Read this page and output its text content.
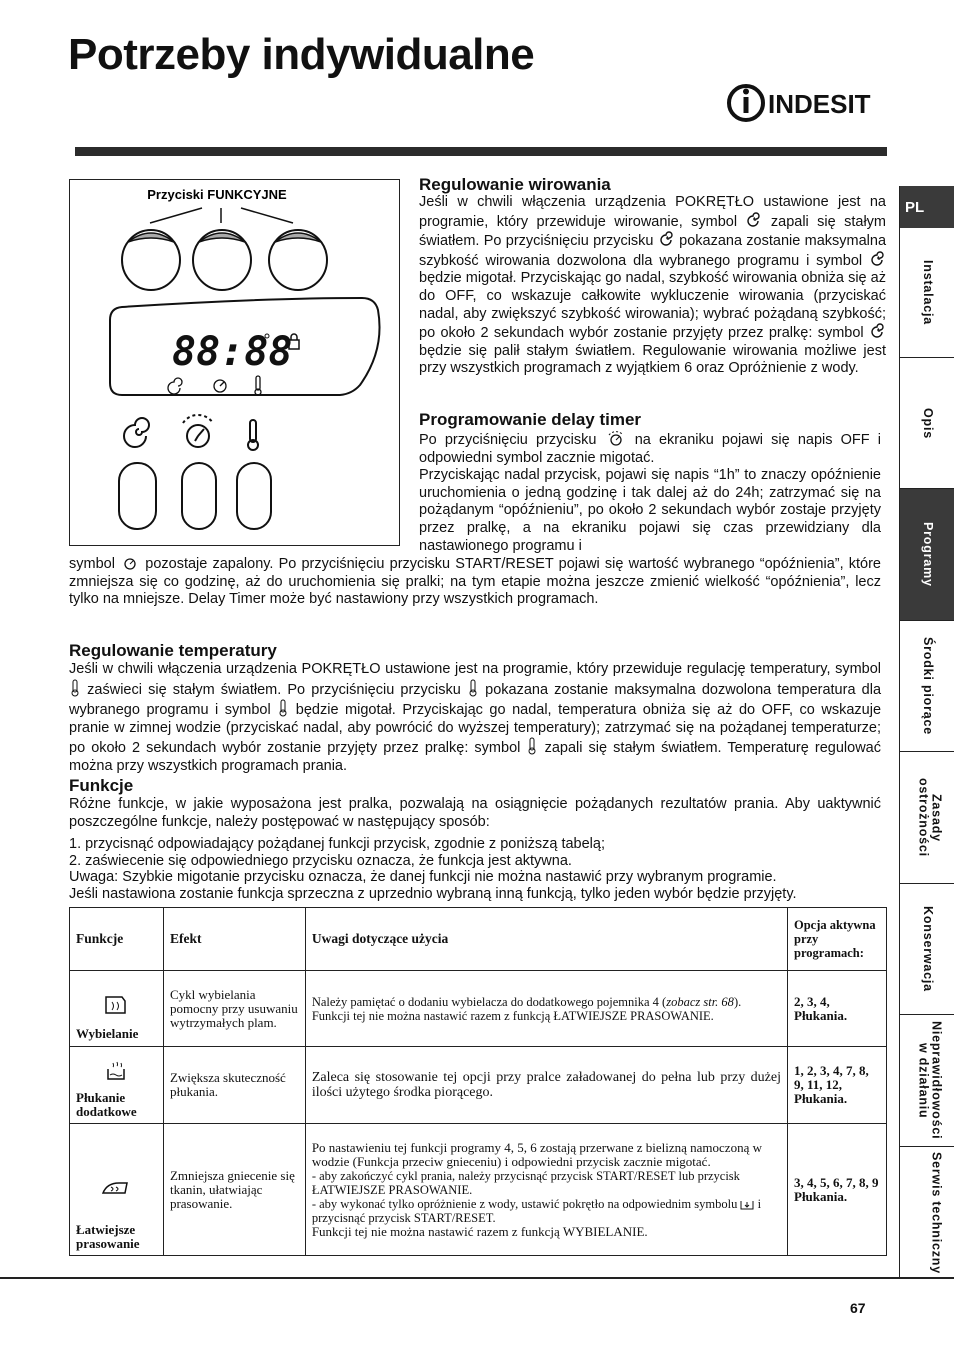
Potrzeby indywidualne
INDESIT
Przyciski FUNKCYJNE
88:88
Regulowanie wirowania
Jeśli w chwili włączenia urządzenia POKRĘTŁO ustawione jest na programie, który przewiduje wirowanie, symbol zapali się stałym światłem. Po przyciśnięciu przycisku pokazana zostanie maksymalna szybkość wirowania dozwolona dla wybranego programu i symbol  będzie migotał. Przyciskając go nadal, szybkość wirowania obniża się aż do OFF, co wskazuje całkowite wykluczenie wirowania (przyciskać nadal, aby zwiększyć szybkość wirowania); wybrać pożądaną szybkość; po około 2 sekundach wybór zostanie przyjęty przez pralkę: symbol  będzie się palił stałym światłem. Regulowanie wirowania możliwe jest przy wszystkich programach z wyjątkiem 6 oraz Opróżnienie z wody.
Programowanie delay timer
Po przyciśnięciu przycisku	na ekraniku pojawi się napis OFF i odpowiedni symbol zacznie migotać.
Przyciskając nadal przycisk, pojawi się napis “1h” to znaczy opóźnienie uruchomienia o jedną godzinę i tak dalej aż do 24h; zatrzymać się na pożądanym “opóźnieniu”, po około 2 sekundach wybór zostaje przyjęty przez pralkę, a na ekraniku pojawi się czas przewidziany dla nastawionego programu i
symbol pozostaje zapalony. Po przyciśnięciu przycisku START/RESET pojawi się wartość wybranego “opóźnienia”, które zmniejsza się co godzinę, aż do uruchomienia się pralki; na tym etapie można jeszcze zmienić wielkość “opóźnienia”, lecz tylko na mniejsze. Delay Timer może być nastawiony przy wszystkich programach.
Regulowanie temperatury
Jeśli w chwili włączenia urządzenia POKRĘTŁO ustawione jest na programie, który przewiduje regulację temperatury, symbol  zaświeci się stałym światłem. Po przyciśnięciu przycisku pokazana zostanie maksymalna dozwolona temperatura dla wybranego programu i symbol będzie migotał. Przyciskając go nadal, temperatura obniża się aż do OFF, co wskazuje pranie w zimnej wodzie (przyciskać nadal, aby powrócić do wyższej temperatury); zatrzymać się na pożądanej temperaturze; po około 2 sekundach wybór zostanie przyjęty przez pralkę: symbol zapali się stałym światłem. Temperaturę regulować można przy wszystkich programach prania.
Funkcje
Różne funkcje, w jakie wyposażona jest pralka, pozwalają na osiągnięcie pożądanych rezultatów prania. Aby uaktywnić poszczególne funkcje, należy postępować w następujący sposób:
1. przycisnąć odpowiadający pożądanej funkcji przycisk, zgodnie z poniższą tabelą;
2. zaświecenie się odpowiedniego przycisku oznacza, że funkcja jest aktywna.
Uwaga: Szybkie migotanie przycisku oznacza, że danej funkcji nie można nastawić przy wybranym programie.
Jeśli nastawiona zostanie funkcja sprzeczna z uprzednio wybraną inną funkcją, tylko jeden wybór będzie przyjęty.
Funkcje	Efekt	Uwagi dotyczące użycia	Opcja aktywna przy programach:

Wybielanie	Cykl wybielania pomocny przy usuwaniu wytrzymałych plam.	Należy pamiętać o dodaniu wybielacza do dodatkowego pojemnika 4 (zobacz str. 68). Funkcji tej nie można nastawić razem z funkcją ŁATWIEJSZE PRASOWANIE.	2, 3, 4, Płukania.

Płukanie dodatkowe	Zwiększa skuteczność płukania.	Zaleca się stosowanie tej opcji przy pralce załadowanej do pełna lub przy dużej ilości użytego środka piorącego.	1, 2, 3, 4, 7, 8, 9, 11, 12, Płukania.

Łatwiejsze prasowanie	Zmniejsza gniecenie się tkanin, ułatwiając prasowanie.	Po nastawieniu tej funkcji programy 4, 5, 6 zostają przerwane z bielizną namoczoną w wodzie (Funkcja przeciw gnieceniu) i odpowiedni przycisk zacznie migotać.
- aby zakończyć cykl prania, należy przycisnąć przycisk START/RESET lub przycisk ŁATWIEJSZE PRASOWANIE.
- aby wykonać tylko opróżnienie z wody, ustawić pokrętło na odpowiednim symbolu i przycisnąć przycisk START/RESET.
Funkcji tej nie można nastawić razem z funkcją WYBIELANIE.	3, 4, 5, 6, 7, 8, 9 Płukania.
PL
Instalacja
Opis
Programy
Środki piorące
Zasady ostrożności
Konserwacja
Nieprawidłowości w działaniu
Serwis techniczny
67
